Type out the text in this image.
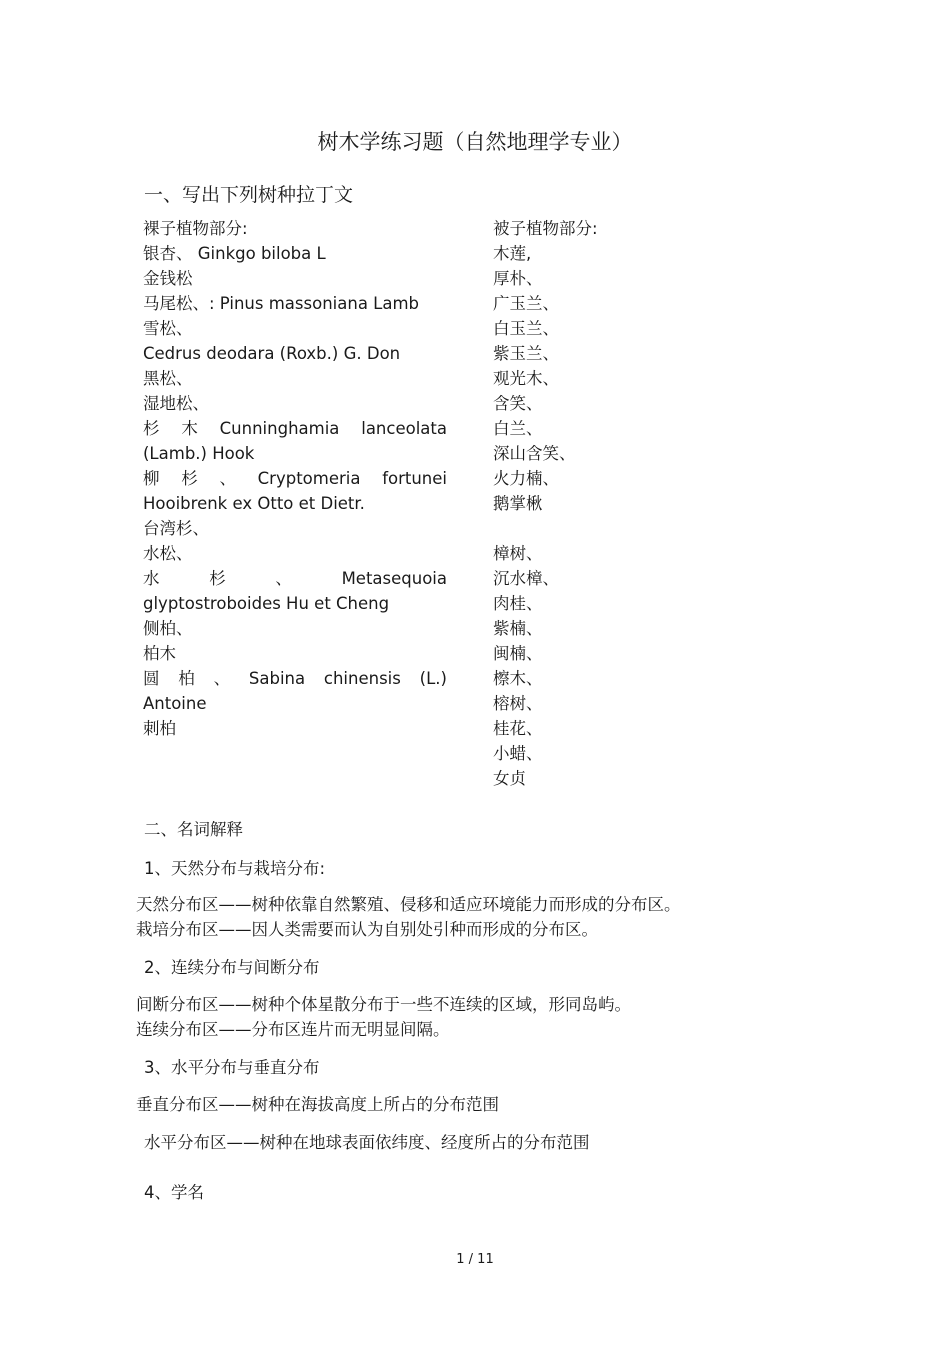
树木学练习题（自然地理学专业）
一、写出下列树种拉丁文
裸子植物部分:
银杏、 Ginkgo biloba L
金钱松
马尾松、: Pinus massoniana Lamb
雪松、
Cedrus deodara (Roxb.) G. Don
黑松、
湿地松、
杉 木 Cunninghamia lanceolata
(Lamb.) Hook
柳 杉 、 Cryptomeria fortunei
Hooibrenk ex Otto et Dietr.
台湾杉、
水松、
水	杉	、	Metasequoia
glyptostroboides Hu et Cheng
侧柏、
柏木
圆 柏 、 Sabina chinensis (L.)
Antoine
刺柏
被子植物部分:
木莲,
厚朴、
广玉兰、
白玉兰、
紫玉兰、
观光木、
含笑、
白兰、
深山含笑、
火力楠、
鹅掌楸
樟树、
沉水樟、
肉桂、
紫楠、
闽楠、
檫木、
榕树、
桂花、
小蜡、
女贞
二、名词解释
1、天然分布与栽培分布:
天然分布区——树种依靠自然繁殖、侵移和适应环境能力而形成的分布区。
栽培分布区——因人类需要而认为自别处引种而形成的分布区。
2、连续分布与间断分布
间断分布区——树种个体星散分布于一些不连续的区域，形同岛屿。
连续分布区——分布区连片而无明显间隔。
3、水平分布与垂直分布
垂直分布区——树种在海拔高度上所占的分布范围
水平分布区——树种在地球表面依纬度、经度所占的分布范围
4、学名
1 / 11
